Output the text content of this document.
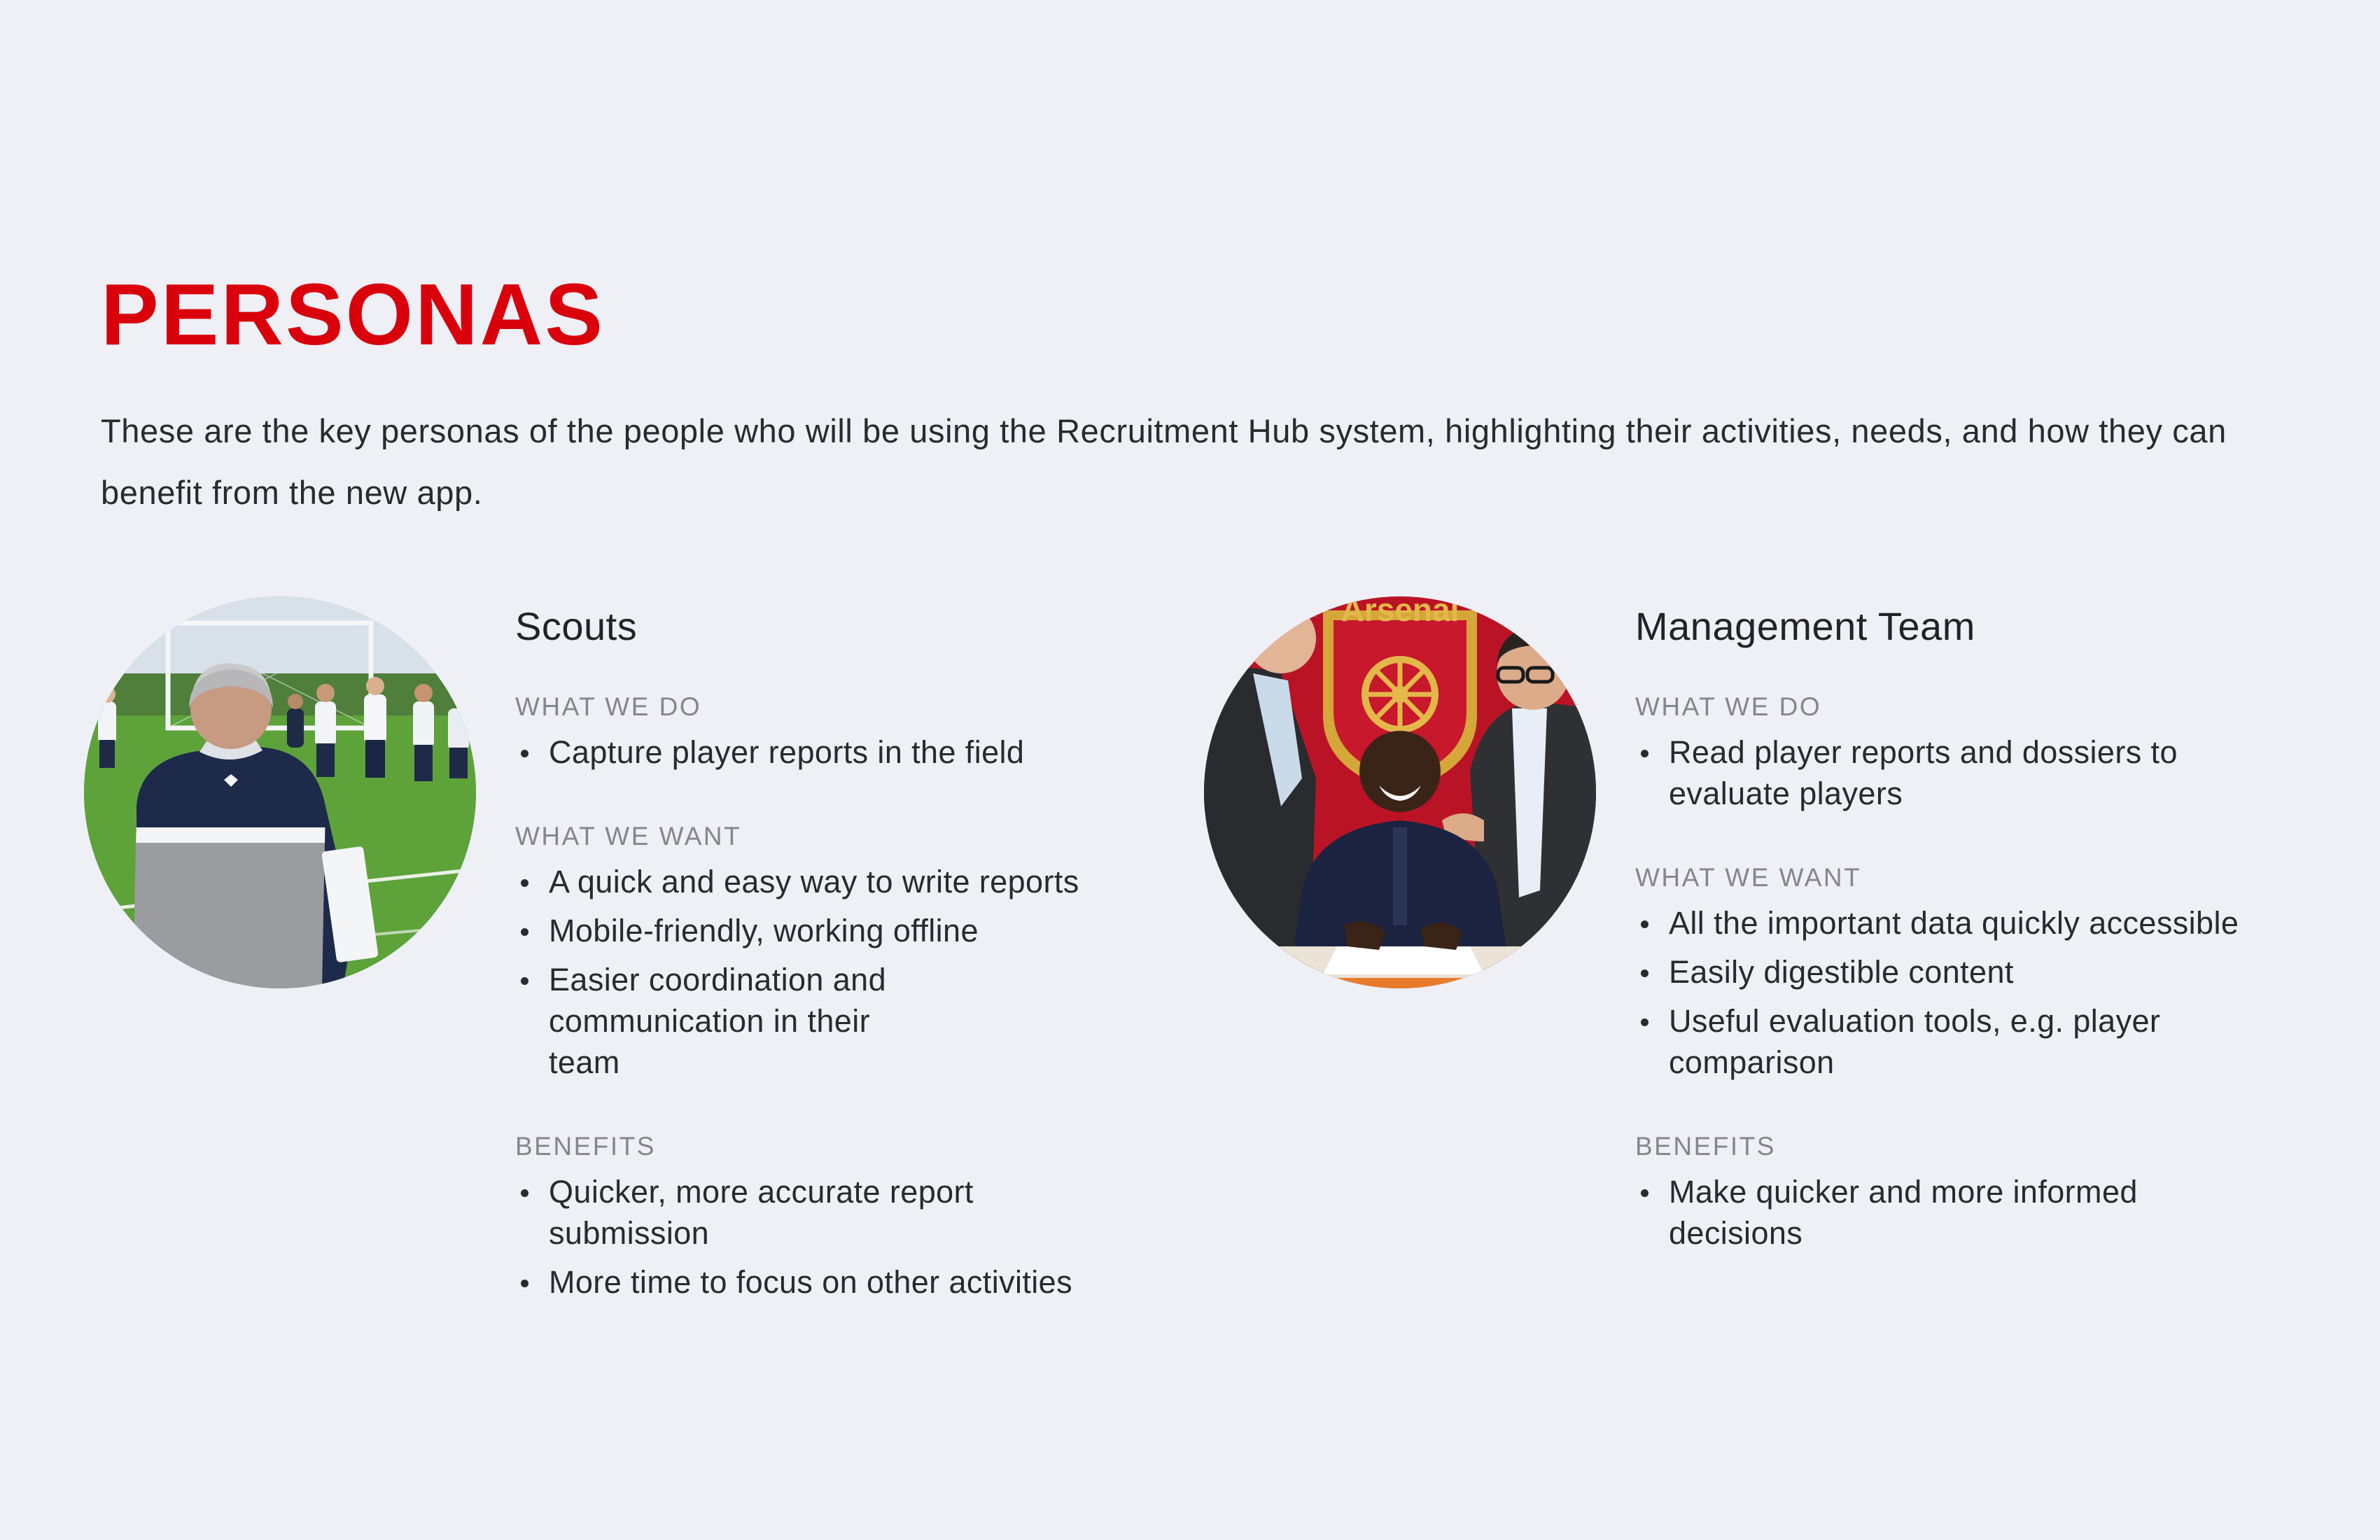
PERSONAS

These are the key personas of the people who will be using the Recruitment Hub system, highlighting their activities, needs, and how they can benefit from the new app.

Scouts
WHAT WE DO
Capture player reports in the field
WHAT WE WANT
A quick and easy way to write reports
Mobile-friendly, working offline
Easier coordination and communication in their team
BENEFITS
Quicker, more accurate report submission
More time to focus on other activities
Arsenal	Management Team
WHAT WE DO
Read player reports and dossiers to evaluate players
WHAT WE WANT
All the important data quickly accessible
Easily digestible content
Useful evaluation tools, e.g. player comparison
BENEFITS
Make quicker and more informed decisions
